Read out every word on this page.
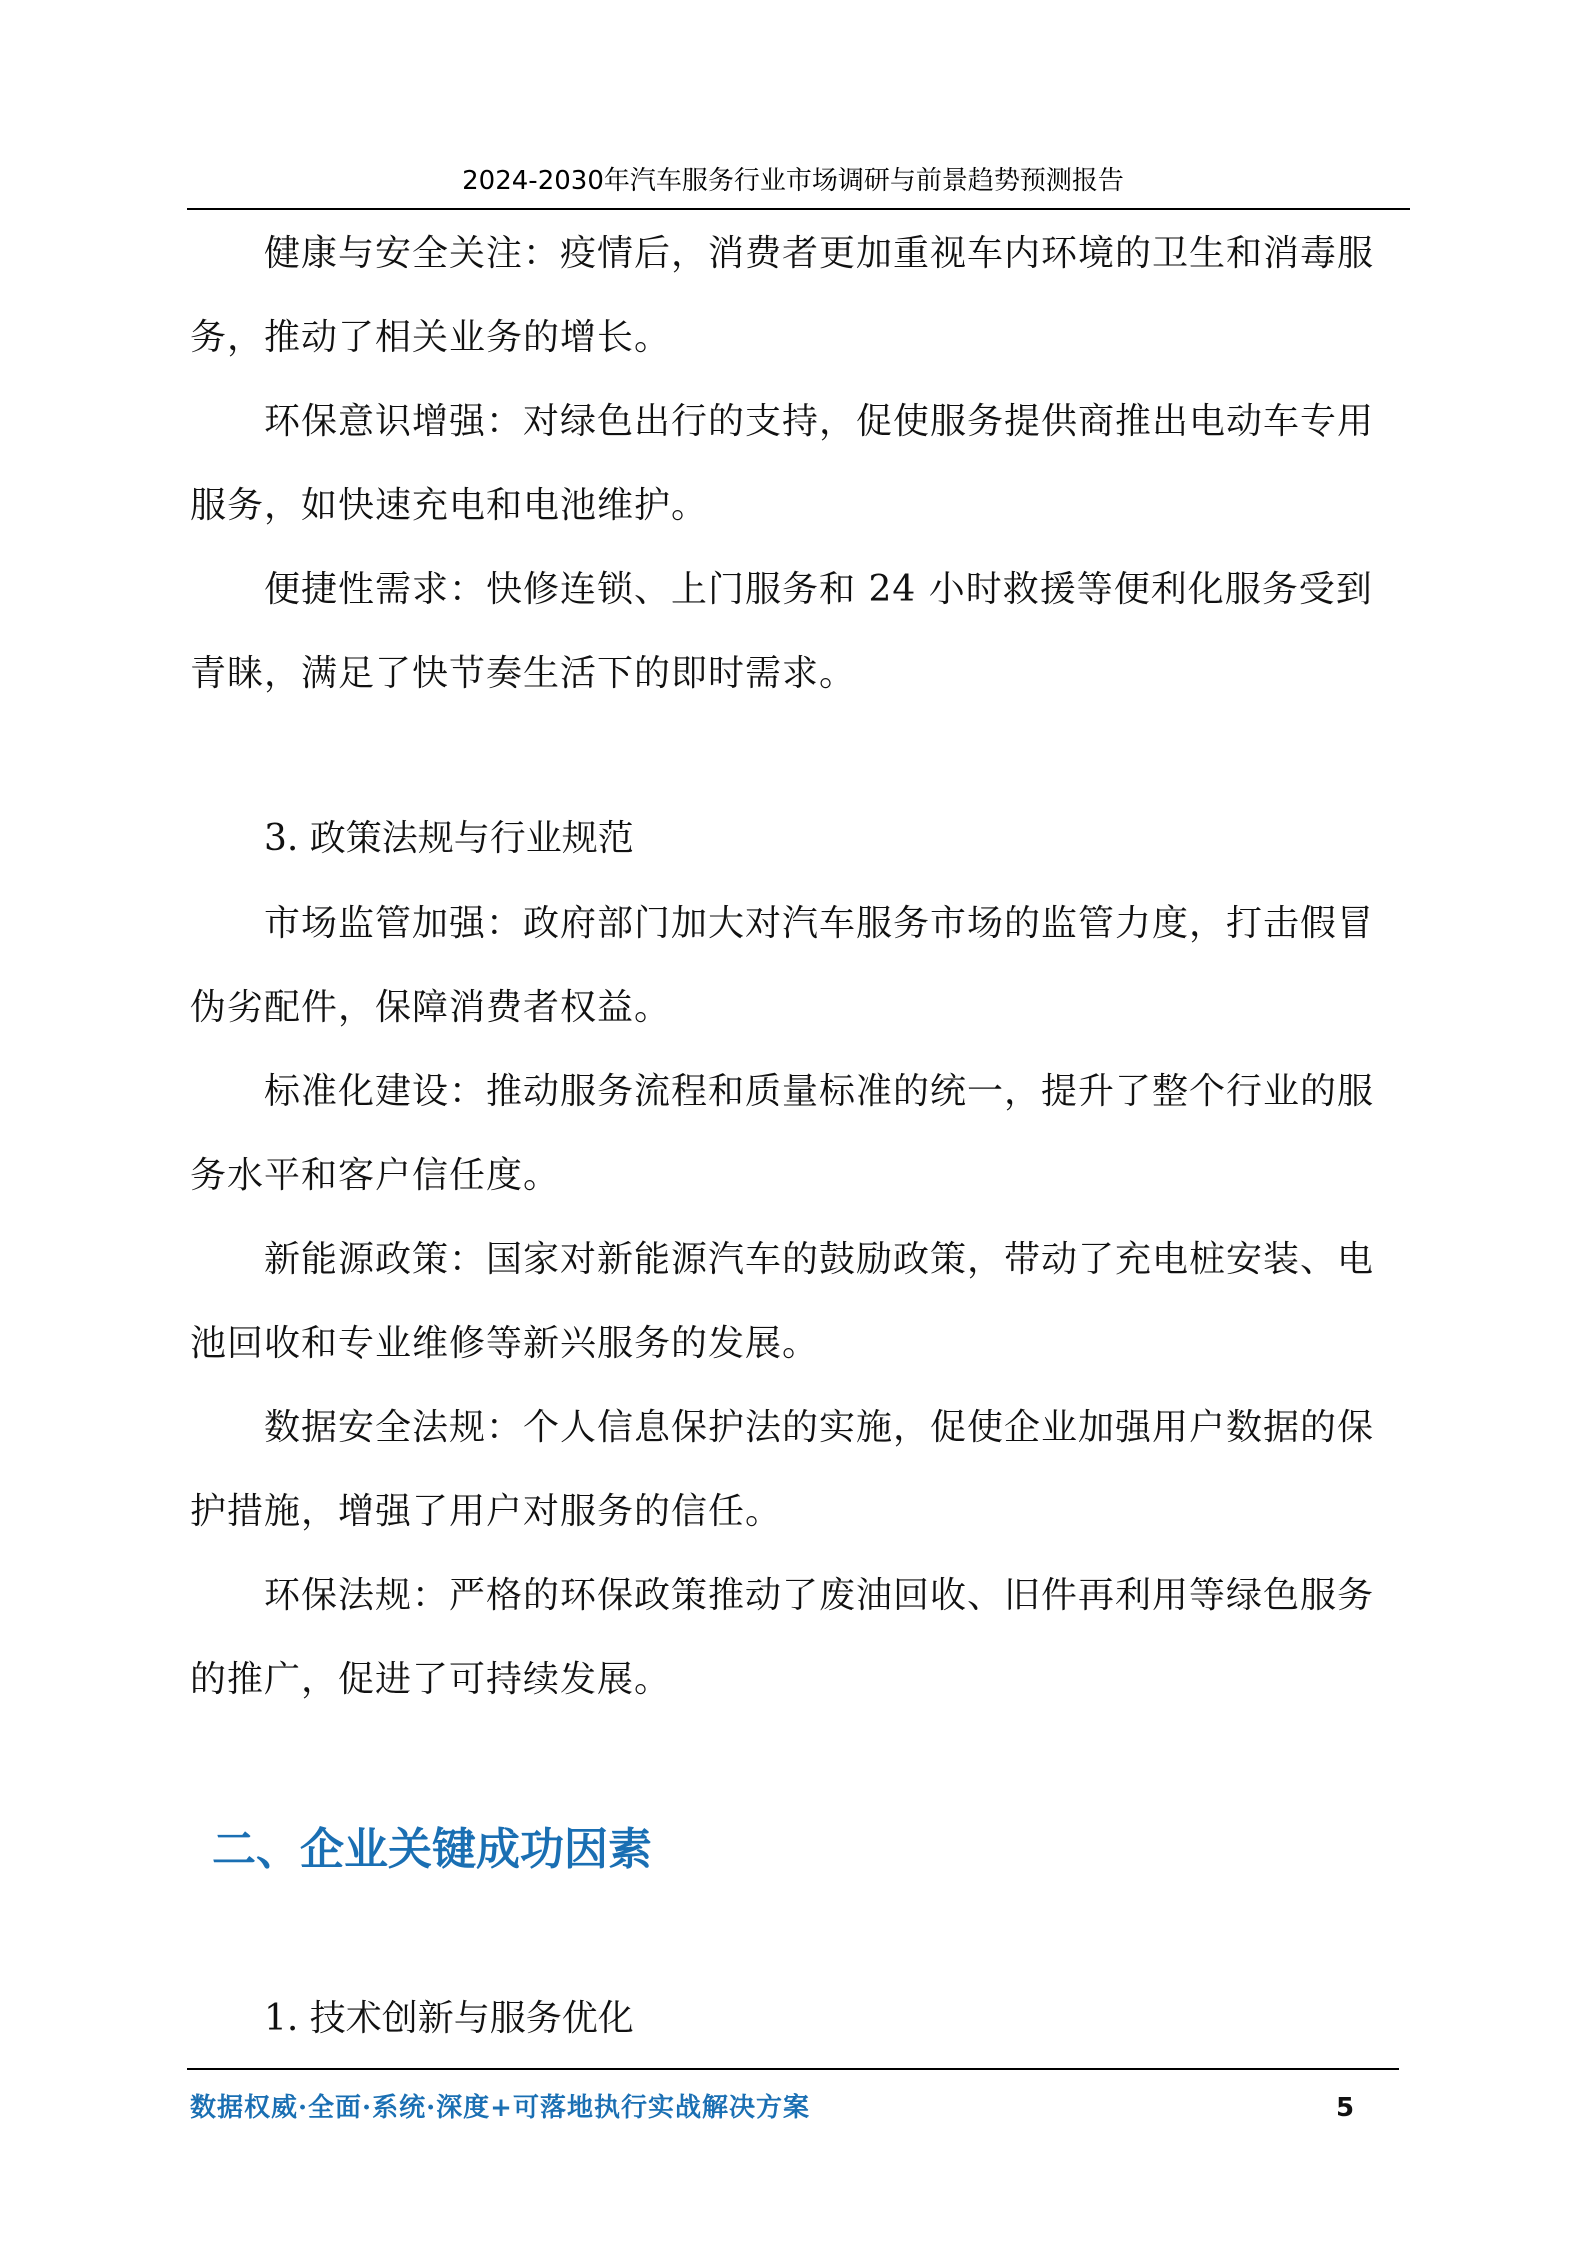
2024-2030年汽车服务行业市场调研与前景趋势预测报告

健康与安全关注：疫情后，消费者更加重视车内环境的卫生和消毒服务，推动了相关业务的增长。

环保意识增强：对绿色出行的支持，促使服务提供商推出电动车专用服务，如快速充电和电池维护。

便捷性需求：快修连锁、上门服务和 24 小时救援等便利化服务受到青睐，满足了快节奏生活下的即时需求。

3. 政策法规与行业规范

市场监管加强：政府部门加大对汽车服务市场的监管力度，打击假冒伪劣配件，保障消费者权益。

标准化建设：推动服务流程和质量标准的统一，提升了整个行业的服务水平和客户信任度。

新能源政策：国家对新能源汽车的鼓励政策，带动了充电桩安装、电池回收和专业维修等新兴服务的发展。

数据安全法规：个人信息保护法的实施，促使企业加强用户数据的保护措施，增强了用户对服务的信任。

环保法规：严格的环保政策推动了废油回收、旧件再利用等绿色服务的推广，促进了可持续发展。

二、企业关键成功因素

1. 技术创新与服务优化

数据权威·全面·系统·深度+可落地执行实战解决方案	5
